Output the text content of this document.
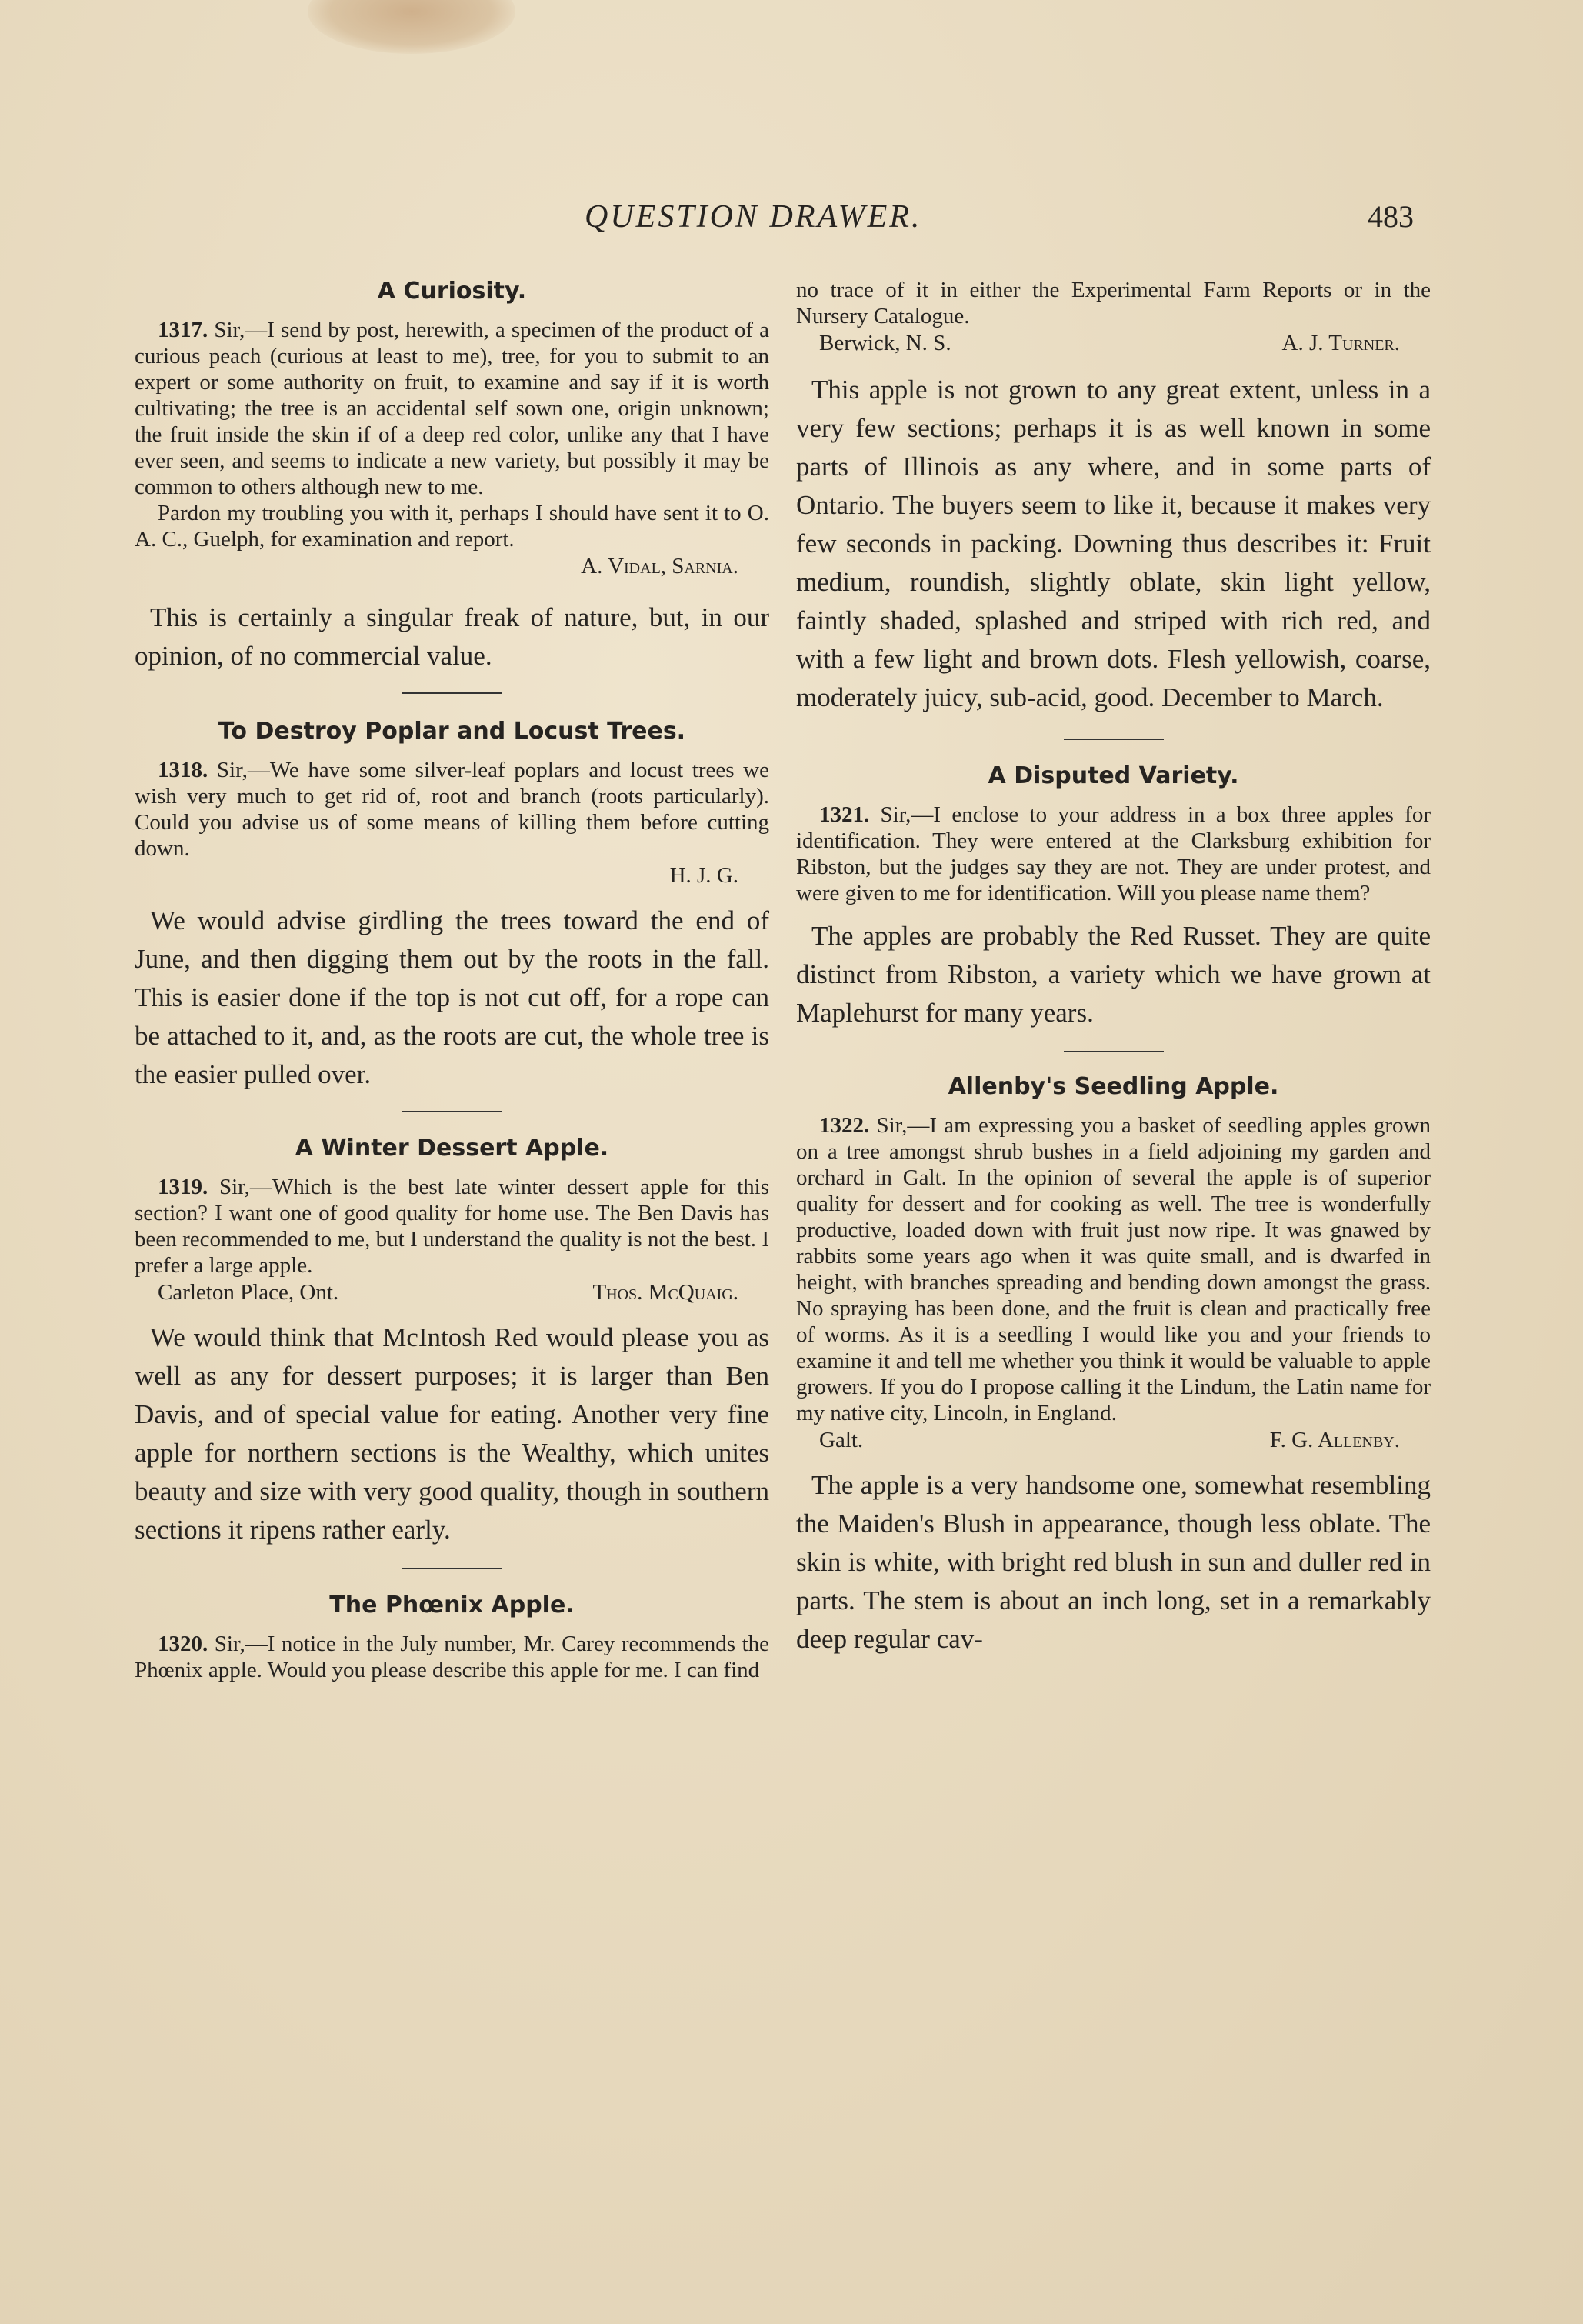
QUESTION DRAWER.	483
A Curiosity.

1317. Sir,—I send by post, herewith, a specimen of the product of a curious peach (curious at least to me), tree, for you to submit to an expert or some authority on fruit, to examine and say if it is worth cultivating; the tree is an accidental self sown one, origin unknown; the fruit inside the skin if of a deep red color, unlike any that I have ever seen, and seems to indicate a new variety, but possibly it may be common to others although new to me.

Pardon my troubling you with it, perhaps I should have sent it to O. A. C., Guelph, for examination and report.

A. Vidal, Sarnia.

This is certainly a singular freak of nature, but, in our opinion, of no commercial value.

To Destroy Poplar and Locust Trees.

1318. Sir,—We have some silver-leaf poplars and locust trees we wish very much to get rid of, root and branch (roots particularly). Could you advise us of some means of killing them before cutting down.

H. J. G.

We would advise girdling the trees toward the end of June, and then digging them out by the roots in the fall. This is easier done if the top is not cut off, for a rope can be attached to it, and, as the roots are cut, the whole tree is the easier pulled over.

A Winter Dessert Apple.

1319. Sir,—Which is the best late winter dessert apple for this section? I want one of good quality for home use. The Ben Davis has been recommended to me, but I understand the quality is not the best. I prefer a large apple.

Carleton Place, Ont.	Thos. McQuaig.

We would think that McIntosh Red would please you as well as any for dessert purposes; it is larger than Ben Davis, and of special value for eating. Another very fine apple for northern sections is the Wealthy, which unites beauty and size with very good quality, though in southern sections it ripens rather early.

The Phœnix Apple.

1320. Sir,—I notice in the July number, Mr. Carey recommends the Phœnix apple. Would you please describe this apple for me. I can find

no trace of it in either the Experimental Farm Reports or in the Nursery Catalogue.

Berwick, N. S.	A. J. Turner.

This apple is not grown to any great extent, unless in a very few sections; perhaps it is as well known in some parts of Illinois as any where, and in some parts of Ontario. The buyers seem to like it, because it makes very few seconds in packing. Downing thus describes it: Fruit medium, roundish, slightly oblate, skin light yellow, faintly shaded, splashed and striped with rich red, and with a few light and brown dots. Flesh yellowish, coarse, moderately juicy, sub-acid, good. December to March.

A Disputed Variety.

1321. Sir,—I enclose to your address in a box three apples for identification. They were entered at the Clarksburg exhibition for Ribston, but the judges say they are not. They are under protest, and were given to me for identification. Will you please name them?

The apples are probably the Red Russet. They are quite distinct from Ribston, a variety which we have grown at Maplehurst for many years.

Allenby's Seedling Apple.

1322. Sir,—I am expressing you a basket of seedling apples grown on a tree amongst shrub bushes in a field adjoining my garden and orchard in Galt. In the opinion of several the apple is of superior quality for dessert and for cooking as well. The tree is wonderfully productive, loaded down with fruit just now ripe. It was gnawed by rabbits some years ago when it was quite small, and is dwarfed in height, with branches spreading and bending down amongst the grass. No spraying has been done, and the fruit is clean and practically free of worms. As it is a seedling I would like you and your friends to examine it and tell me whether you think it would be valuable to apple growers. If you do I propose calling it the Lindum, the Latin name for my native city, Lincoln, in England.

Galt.	F. G. Allenby.

The apple is a very handsome one, somewhat resembling the Maiden's Blush in appearance, though less oblate. The skin is white, with bright red blush in sun and duller red in parts. The stem is about an inch long, set in a remarkably deep regular cav-
